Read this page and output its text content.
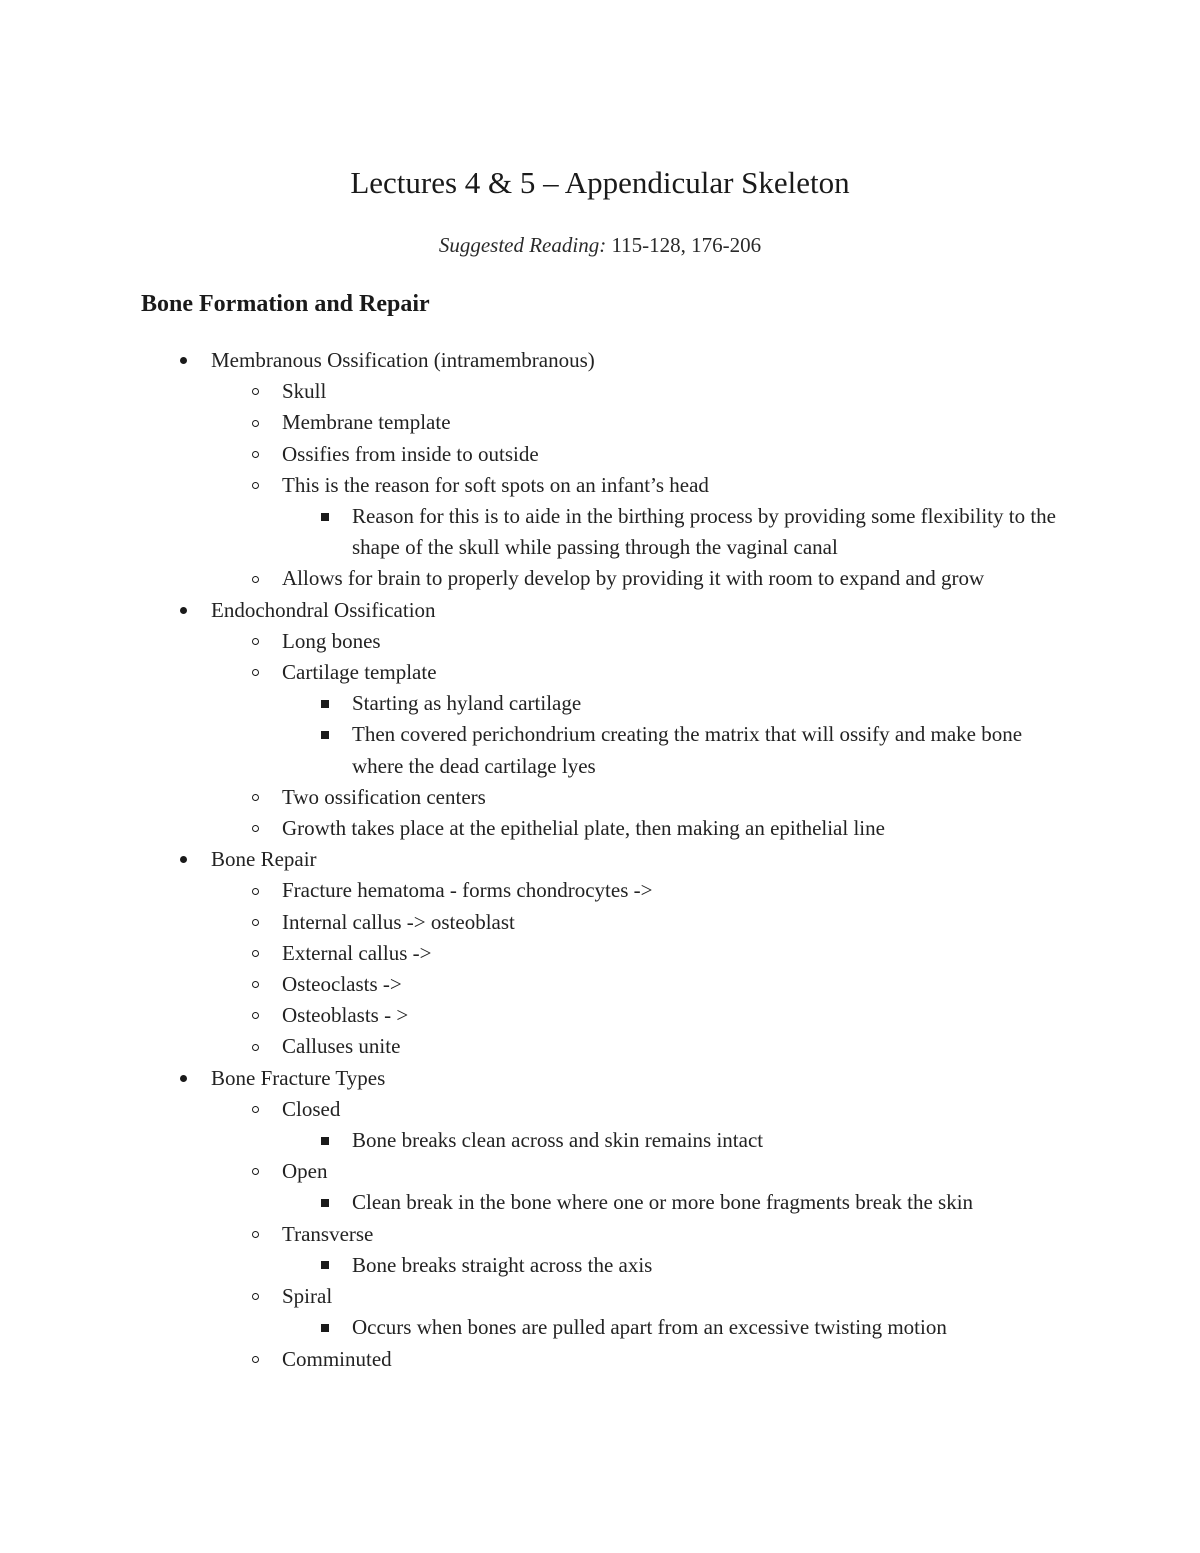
Lectures 4 & 5 – Appendicular Skeleton
Suggested Reading: 115-128, 176-206
Bone Formation and Repair
Membranous Ossification (intramembranous)
Skull
Membrane template
Ossifies from inside to outside
This is the reason for soft spots on an infant’s head
Reason for this is to aide in the birthing process by providing some flexibility to the shape of the skull while passing through the vaginal canal
Allows for brain to properly develop by providing it with room to expand and grow
Endochondral Ossification
Long bones
Cartilage template
Starting as hyland cartilage
Then covered perichondrium creating the matrix that will ossify and make bone where the dead cartilage lyes
Two ossification centers
Growth takes place at the epithelial plate, then making an epithelial line
Bone Repair
Fracture hematoma - forms chondrocytes ->
Internal callus -> osteoblast
External callus ->
Osteoclasts ->
Osteoblasts - >
Calluses unite
Bone Fracture Types
Closed
Bone breaks clean across and skin remains intact
Open
Clean break in the bone where one or more bone fragments break the skin
Transverse
Bone breaks straight across the axis
Spiral
Occurs when bones are pulled apart from an excessive twisting motion
Comminuted
